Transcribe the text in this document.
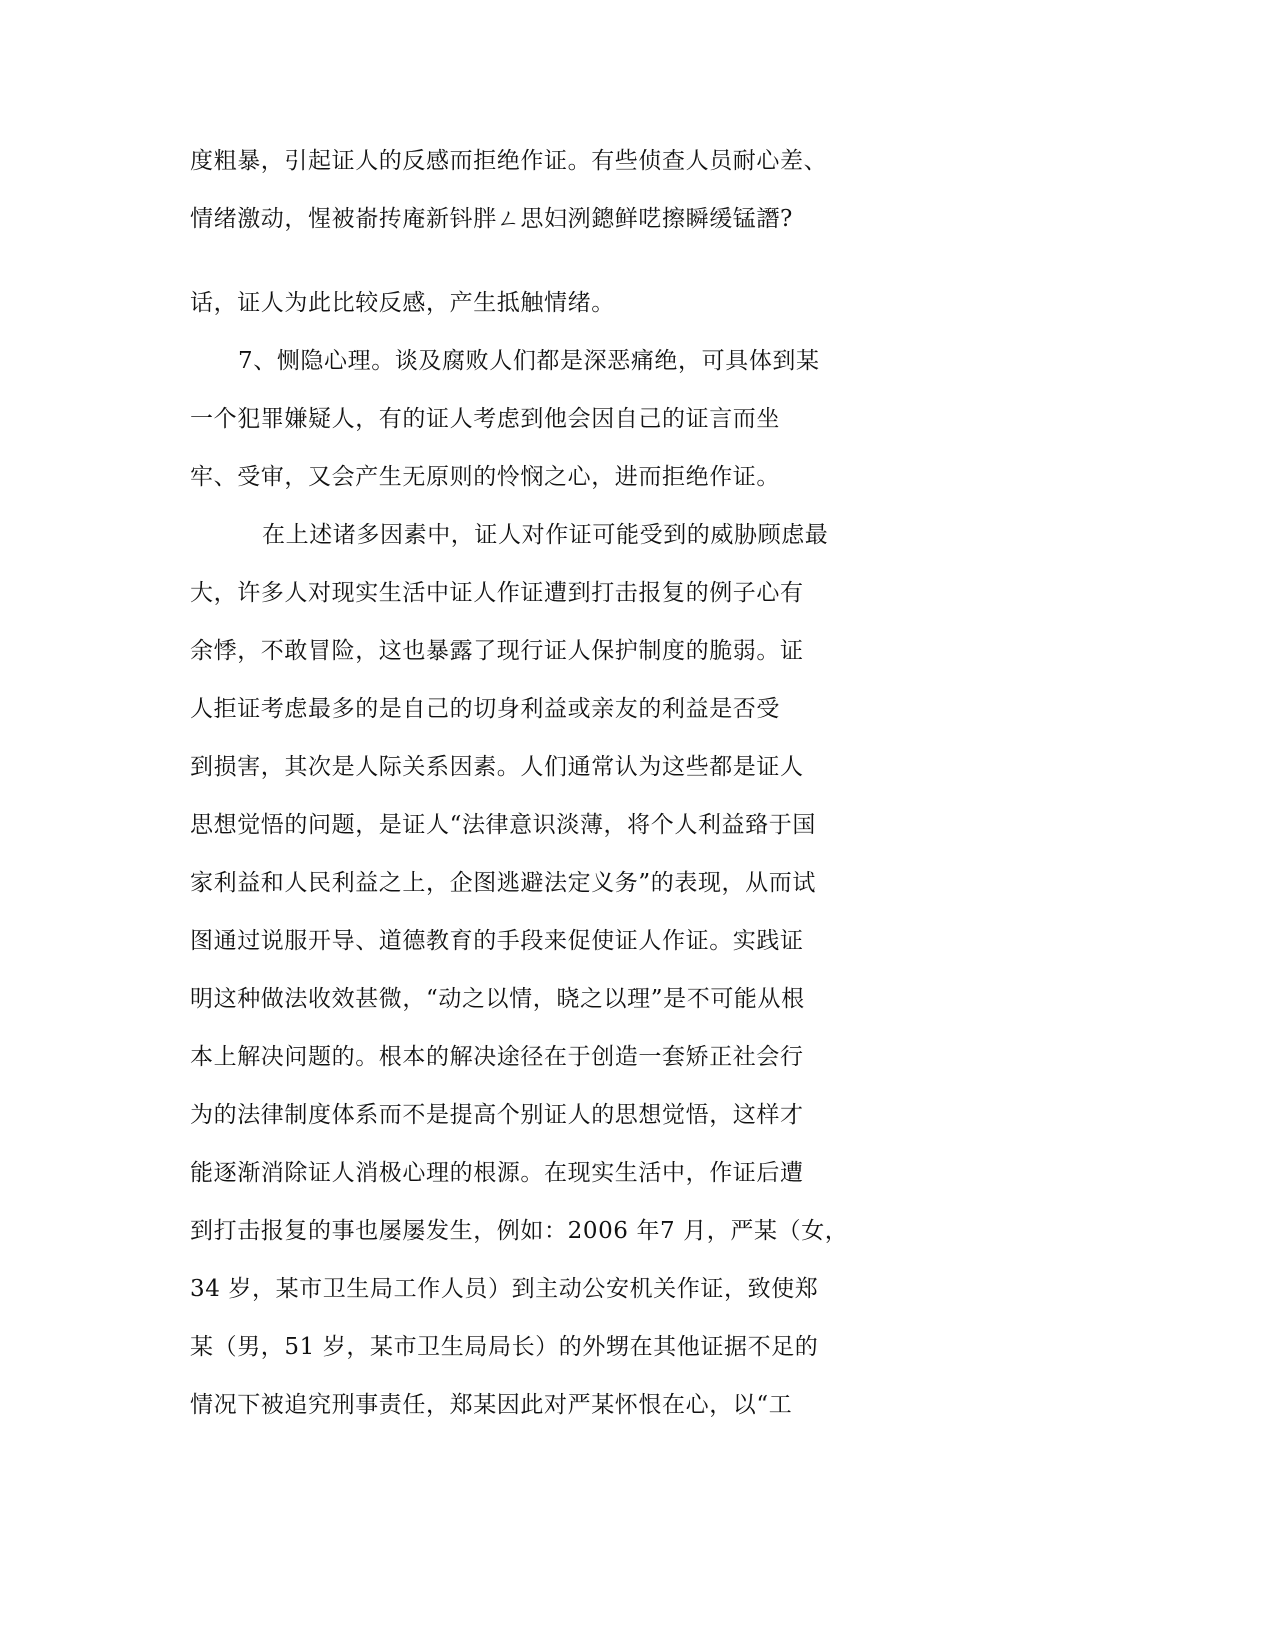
度粗暴，引起证人的反感而拒绝作证。有些侦查人员耐心差、
情绪激动，惺被嵛抟庵新钭胖ㄥ思妇洌鏓鲜呓擦瞬缓锰譖?
话，证人为此比较反感，产生抵触情绪。
7、恻隐心理。谈及腐败人们都是深恶痛绝，可具体到某
一个犯罪嫌疑人，有的证人考虑到他会因自己的证言而坐
牢、受审，又会产生无原则的怜悯之心，进而拒绝作证。
在上述诸多因素中，证人对作证可能受到的威胁顾虑最
大，许多人对现实生活中证人作证遭到打击报复的例子心有
余悸，不敢冒险，这也暴露了现行证人保护制度的脆弱。证
人拒证考虑最多的是自己的切身利益或亲友的利益是否受
到损害，其次是人际关系因素。人们通常认为这些都是证人
思想觉悟的问题，是证人“法律意识淡薄，将个人利益臵于国
家利益和人民利益之上，企图逃避法定义务”的表现，从而试
图通过说服开导、道德教育的手段来促使证人作证。实践证
明这种做法收效甚微，“动之以情，晓之以理”是不可能从根
本上解决问题的。根本的解决途径在于创造一套矫正社会行
为的法律制度体系而不是提高个别证人的思想觉悟，这样才
能逐渐消除证人消极心理的根源。在现实生活中，作证后遭
到打击报复的事也屡屡发生，例如：2006 年7 月，严某（女，
34 岁，某市卫生局工作人员）到主动公安机关作证，致使郑
某（男，51 岁，某市卫生局局长）的外甥在其他证据不足的
情况下被追究刑事责任，郑某因此对严某怀恨在心，以“工
